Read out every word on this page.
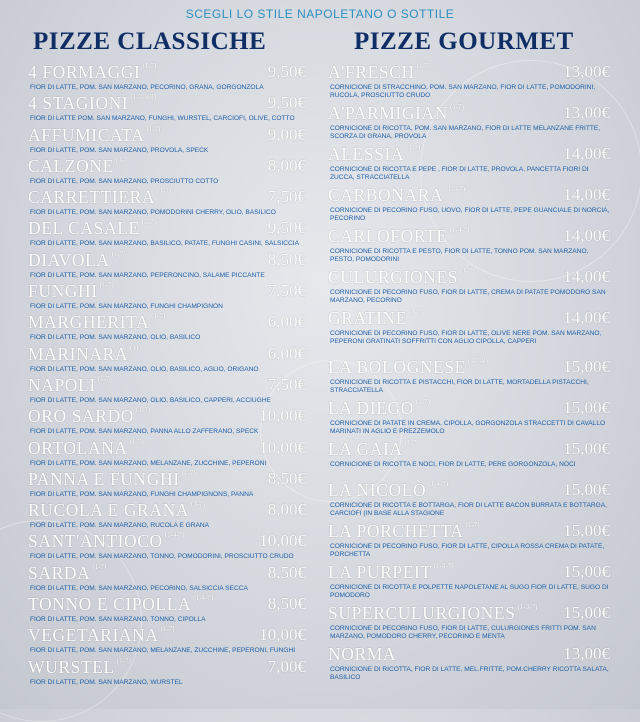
SCEGLI LO STILE NAPOLETANO O SOTTILE
PIZZE CLASSICHE	PIZZE GOURMET
4 FORMAGGI $^{(1-7)}$	9,50€
FIOR DI LATTE, POM. SAN MARZANO, PECORINO, GRANA, GORGONZOLA
4 STAGIONI $^{(1-7-9-8)}$	9,50€
FIOR DI LATTE POM. SAN MARZANO, FUNGHI, WURSTEL, CARCIOFI, OLIVE, COTTO
AFFUMICATA $^{(1-7)}$	9,00€
FIOR DI LATTE, POM. SAN MARZANO, PROVOLA, SPECK
CALZONE $^{(1-7)}$	8,00€
FIOR DI LATTE, POM. SAN MARZANO, PROSCIUTTO COTTO
CARRETTIERA $^{(1-7)}$	7,50€
FIOR DI LATTE, POM. SAN MARZANO, POMODORINI CHERRY, OLIO, BASILICO
DEL CASALE $^{(1-7)}$	9,50€
FIOR DI LATTE, POM. SAN MARZANO, BASILICO, PATATE, FUNGHI CASINI, SALSICCIA
DIAVOLA $^{(1-7)}$	8,50€
FIOR DI LATTE, POM. SAN MARZANO, PEPERONCINO, SALAME PICCANTE
FUNGHI $^{(1-7)}$	7,50€
FIOR DI LATTE, POM. SAN MARZANO, FUNGHI CHAMPIGNON
MARGHERITA $^{(1-7)}$	6,00€
FIOR DI LATTE, POM. SAN MARZANO, OLIO, BASILICO
MARINARA $^{(1)}$	6,00€
FIOR DI LATTE, POM. SAN MARZANO, OLIO, BASILICO, AGLIO, ORIGANO
NAPOLI $^{(1-7)}$	7,50€
FIOR DI LATTE, POM. SAN MARZANO, OLIO, BASILICO, CAPPERI, ACCIUGHE
ORO SARDO $^{(1-7)}$	10,00€
FIOR DI LATTE, POM. SAN MARZANO, PANNA ALLO ZAFFERANO, SPECK
ORTOLANA $^{(1-7)}$	10,00€
FIOR DI LATTE, POM. SAN MARZANO, MELANZANE, ZUCCHINE, PEPERONI
PANNA E FUNGHI $^{(1-7)}$	8,50€
FIOR DI LATTE, POM. SAN MARZANO, FUNGHI CHAMPIGNONS, PANNA
RUCOLA E GRANA $^{(1-7)}$	8,00€
FIOR DI LATTE, POM. SAN MARZANO, RUCOLA E GRANA
SANT'ANTIOCO $^{(1-4-7)}$	10,00€
FIOR DI LATTE, POM. SAN MARZANO, TONNO, POMODORINI, PROSCIUTTO CRUDO
SARDA $^{(1-7)}$	8,50€
FIOR DI LATTE, POM. SAN MARZANO, PECORINO, SALSICCIA SECCA
TONNO E CIPOLLA $^{(1-4-7)}$	8,50€
FIOR DI LATTE, POM. SAN MARZANO, TONNO, CIPOLLA
VEGETARIANA $^{(1-7)}$	10,00€
FIOR DI LATTE, POM. SAN MARZANO, MELANZANE, ZUCCHINE, PEPERONI, FUNGHI
WURSTEL $^{(1-7)}$	7,00€
FIOR DI LATTE, POM. SAN MARZANO, WURSTEL
A'FRESCH $^{(1-7)}$	13,00€
CORNICIONE DI STRACCHINO, POM. SAN MARZANO, FIOR DI LATTE, POMODORINI, RUCOLA, PROSCIUTTO CRUDO
A'PARMIGIAN $^{(1-7)}$	13,00€
CORNICIONE DI RICOTTA, POM. SAN MARZANO, FIOR DI LATTE MELANZANE FRITTE, SCORZA DI GRANA, PROVOLA
ALESSIA $^{(1-7)}$	14,00€
CORNICIONE DI RICOTTA E PEPE , FIOR DI LATTE, PROVOLA, PANCETTA FIORI DI ZUCCA, STRACCIATELLA
CARBONARA $^{(1-3-7)}$	14,00€
CORNICIONE DI PECORINO FUSO, UOVO, FIOR DI LATTE, PEPE GUANCIALE DI NORCIA, PECORINO
CARLOFORTE $^{(1-4-7)}$	14,00€
CORNICIONE DI RICOTTA E PESTO, FIOR DI LATTE, TONNO POM. SAN MARZANO, PESTO, POMODORINI
CULURGIONES $^{(1-7)}$	14,00€
CORNICIONE DI PECORINO FUSO, FIOR DI LATTE, CREMA DI PATATE POMODORO SAN MARZANO, PECORINO
GRATINE $^{(1-7)}$	14,00€
CORNICIONE DI PECORINO FUSO, FIOR DI LATTE, OLIVE NERE POM. SAN MARZANO, PEPERONI GRATINATI SOFFRITTI CON AGLIO CIPOLLA, CAPPERI
LA BOLOGNESE $^{(1-7-8)}$	15,00€
CORNICIONE DI RICOTTA E PISTACCHI, FIOR DI LATTE, MORTADELLA PISTACCHI, STRACCIATELLA
LA DIEGO $^{(1-7)}$	15,00€
CORNICIONE DI PATATE IN CREMA, CIPOLLA, GORGONZOLA STRACCETTI DI CAVALLO MARINATI IN AGLIO E PREZZEMOLO
LA GAIA $^{(1-7)}$	15,00€
CORNICIONE DI RICOTTA E NOCI, FIOR DI LATTE, PERE GORGONZOLA, NOCI
LA NICOLÒ $^{(1-4-7)}$	15,00€
CORNICIONE DI RICOTTA E BOTTARGA, FIOR DI LATTE BACON BURRATA E BOTTARGA, CARCIOFI (IN BASE ALLA STAGIONE
LA PORCHETTA $^{(1-7)}$	15,00€
CORNICIONE DI PECORINO FUSO, FIOR DI LATTE, CIPOLLA ROSSA CREMA DI PATATE, PORCHETTA
LA PURPEIT $^{(1-3-7)}$	15,00€
CORNICIONE DI RICOTTA E POLPETTE NAPOLETANE AL SUGO FIOR DI LATTE, SUGO DI POMODORO
SUPERCULURGIONES $^{(1-3-7)}$ 15,00€
CORNICIONE DI PECORINO FUSO, FIOR DI LATTE, CULURGIONES FRITTI POM. SAN MARZANO, POMODORO CHERRY, PECORINO E MENTA
NORMA	13,00€
CORNICIONE DI RICOTTA, FIOR DI LATTE, MEL.FRITTE, POM.CHERRY RICOTTA SALATA, BASILICO
